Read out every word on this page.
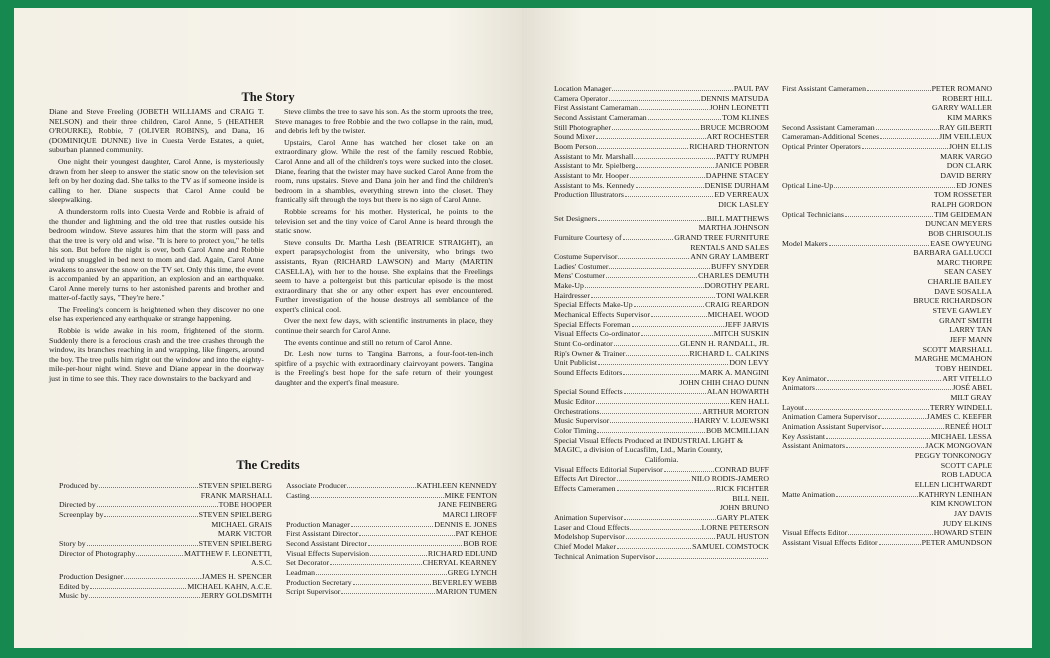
The Story

Diane and Steve Freeling (JOBETH WILLIAMS and CRAIG T. NELSON) and their three children, Carol Anne, 5 (HEATHER O'ROURKE), Robbie, 7 (OLIVER ROBINS), and Dana, 16 (DOMINIQUE DUNNE) live in Cuesta Verde Estates, a quiet, suburban planned community.

One night their youngest daughter, Carol Anne, is mysteriously drawn from her sleep to answer the static snow on the television set left on by her dozing dad. She talks to the TV as if someone inside is calling to her. Diane suspects that Carol Anne could be sleepwalking.

A thunderstorm rolls into Cuesta Verde and Robbie is afraid of the thunder and lightning and the old tree that rustles outside his bedroom window. Steve assures him that the storm will pass and that the tree is very old and wise. "It is here to protect you," he tells his son. But before the night is over, both Carol Anne and Robbie wind up snuggled in bed next to mom and dad. Again, Carol Anne awakens to answer the snow on the TV set. Only this time, the event is accompanied by an apparition, an explosion and an earthquake. Carol Anne merely turns to her astonished parents and brother and matter-of-factly says, "They're here."

The Freeling's concern is heightened when they discover no one else has experienced any earthquake or strange happening.

Robbie is wide awake in his room, frightened of the storm. Suddenly there is a ferocious crash and the tree crashes through the window, its branches reaching in and wrapping, like fingers, around the boy. The tree pulls him right out the window and into the eighty-mile-per-hour night wind. Steve and Diane appear in the doorway just in time to see this. They race downstairs to the backyard and

Steve climbs the tree to save his son. As the storm uproots the tree, Steve manages to free Robbie and the two collapse in the rain, mud, and debris left by the twister.

Upstairs, Carol Anne has watched her closet take on an extraordinary glow. While the rest of the family rescued Robbie, Carol Anne and all of the children's toys were sucked into the closet. Diane, fearing that the twister may have sucked Carol Anne from the room, runs upstairs. Steve and Dana join her and find the children's bedroom in a shambles, everything strewn into the closet. They frantically sift through the toys but there is no sign of Carol Anne.

Robbie screams for his mother. Hysterical, he points to the television set and the tiny voice of Carol Anne is heard through the static snow.

Steve consults Dr. Martha Lesh (BEATRICE STRAIGHT), an expert parapsychologist from the university, who brings two assistants, Ryan (RICHARD LAWSON) and Marty (MARTIN CASELLA), with her to the house. She explains that the Freelings seem to have a poltergeist but this particular episode is the most extraordinary that she or any other expert has ever encountered. Further investigation of the house destroys all semblance of the expert's clinical cool.

Over the next few days, with scientific instruments in place, they continue their search for Carol Anne.

The events continue and still no return of Carol Anne.

Dr. Lesh now turns to Tangina Barrons, a four-foot-ten-inch spitfire of a psychic with extraordinary clairvoyant powers. Tangina is the Freeling's best hope for the safe return of their youngest daughter and the expert's final measure.

The Credits
Produced by	STEVEN SPIELBERG
FRANK MARSHALL
Directed by	TOBE HOOPER
Screenplay by	STEVEN SPIELBERG
MICHAEL GRAIS
MARK VICTOR
Story by	STEVEN SPIELBERG
Director of Photography	MATTHEW F. LEONETTI,
A.S.C.
Production Designer	JAMES H. SPENCER
Edited by	MICHAEL KAHN, A.C.E.
Music by	JERRY GOLDSMITH
Associate Producer	KATHLEEN KENNEDY
Casting	MIKE FENTON
JANE FEINBERG
MARCI LIROFF
Production Manager	DENNIS E. JONES
First Assistant Director	PAT KEHOE
Second Assistant Director	BOB ROE
Visual Effects Supervision	RICHARD EDLUND
Set Decorator	CHERYAL KEARNEY
Leadman	GREG LYNCH
Production Secretary	BEVERLEY WEBB
Script Supervisor	MARION TUMEN
Location Manager	PAUL PAV
Camera Operator	DENNIS MATSUDA
First Assistant Cameraman	JOHN LEONETTI
Second Assistant Cameraman	TOM KLINES
Still Photographer	BRUCE MCBROOM
Sound Mixer	ART ROCHESTER
Boom Person	RICHARD THORNTON
Assistant to Mr. Marshall	PATTY RUMPH
Assistant to Mr. Spielberg	JANICE POBER
Assistant to Mr. Hooper	DAPHNE STACEY
Assistant to Ms. Kennedy	DENISE DURHAM
Production Illustrators	ED VERREAUX
DICK LASLEY
Set Designers	BILL MATTHEWS
MARTHA JOHNSON
Furniture Courtesy of	GRAND TREE FURNITURE
RENTALS AND SALES
Costume Supervisor	ANN GRAY LAMBERT
Ladies' Costumer	BUFFY SNYDER
Mens' Costumer	CHARLES DEMUTH
Make-Up	DOROTHY PEARL
Hairdresser	TONI WALKER
Special Effects Make-Up	CRAIG REARDON
Mechanical Effects Supervisor	MICHAEL WOOD
Special Effects Foreman	JEFF JARVIS
Visual Effects Co-ordinator	MITCH SUSKIN
Stunt Co-ordinator	GLENN H. RANDALL, JR.
Rip's Owner & Trainer	RICHARD L. CALKINS
Unit Publicist	DON LEVY
Sound Effects Editors	MARK A. MANGINI
JOHN CHIH CHAO DUNN
Special Sound Effects	ALAN HOWARTH
Music Editor	KEN HALL
Orchestrations	ARTHUR MORTON
Music Supervisor	HARRY V. LOJEWSKI
Color Timing	BOB MCMILLIAN
Special Visual Effects Produced at INDUSTRIAL LIGHT & MAGIC, a division of Lucasfilm, Ltd., Marin County,
California.
Visual Effects Editorial Supervisor	CONRAD BUFF
Effects Art Director	NILO RODIS-JAMERO
Effects Cameramen	RICK FICHTER
BILL NEIL
JOHN BRUNO
Animation Supervisor	GARY PLATEK
Laser and Cloud Effects	LORNE PETERSON
Modelshop Supervisor	PAUL HUSTON
Chief Model Maker	SAMUEL COMSTOCK
Technical Animation Supervisor
First Assistant Cameramen	PETER ROMANO
ROBERT HILL
GARRY WALLER
KIM MARKS
Second Assistant Cameraman	RAY GILBERTI
Cameraman-Additional Scenes	JIM VEILLEUX
Optical Printer Operators	JOHN ELLIS
MARK VARGO
DON CLARK
DAVID BERRY
Optical Line-Up	ED JONES
TOM ROSSETER
RALPH GORDON
Optical Technicians	TIM GEIDEMAN
DUNCAN MEYERS
BOB CHRISOULIS
Model Makers	EASE OWYEUNG
BARBARA GALLUCCI
MARC THORPE
SEAN CASEY
CHARLIE BAILEY
DAVE SOSALLA
BRUCE RICHARDSON
STEVE GAWLEY
GRANT SMITH
LARRY TAN
JEFF MANN
SCOTT MARSHALL
MARGHE MCMAHON
TOBY HEINDEL
Key Animator	ART VITELLO
Animators	JOSÉ ABEL
MILT GRAY
Layout	TERRY WINDELL
Animation Camera Supervisor	JAMES C. KEEFER
Animation Assistant Supervisor	RENEÉ HOLT
Key Assistant	MICHAEL LESSA
Assistant Animators	JACK MONGOVAN
PEGGY TONKONOGY
SCOTT CAPLE
ROB LADUCA
ELLEN LICHTWARDT
Matte Animation	KATHRYN LENIHAN
KIM KNOWLTON
JAY DAVIS
JUDY ELKINS
Visual Effects Editor	HOWARD STEIN
Assistant Visual Effects Editor	PETER AMUNDSON
